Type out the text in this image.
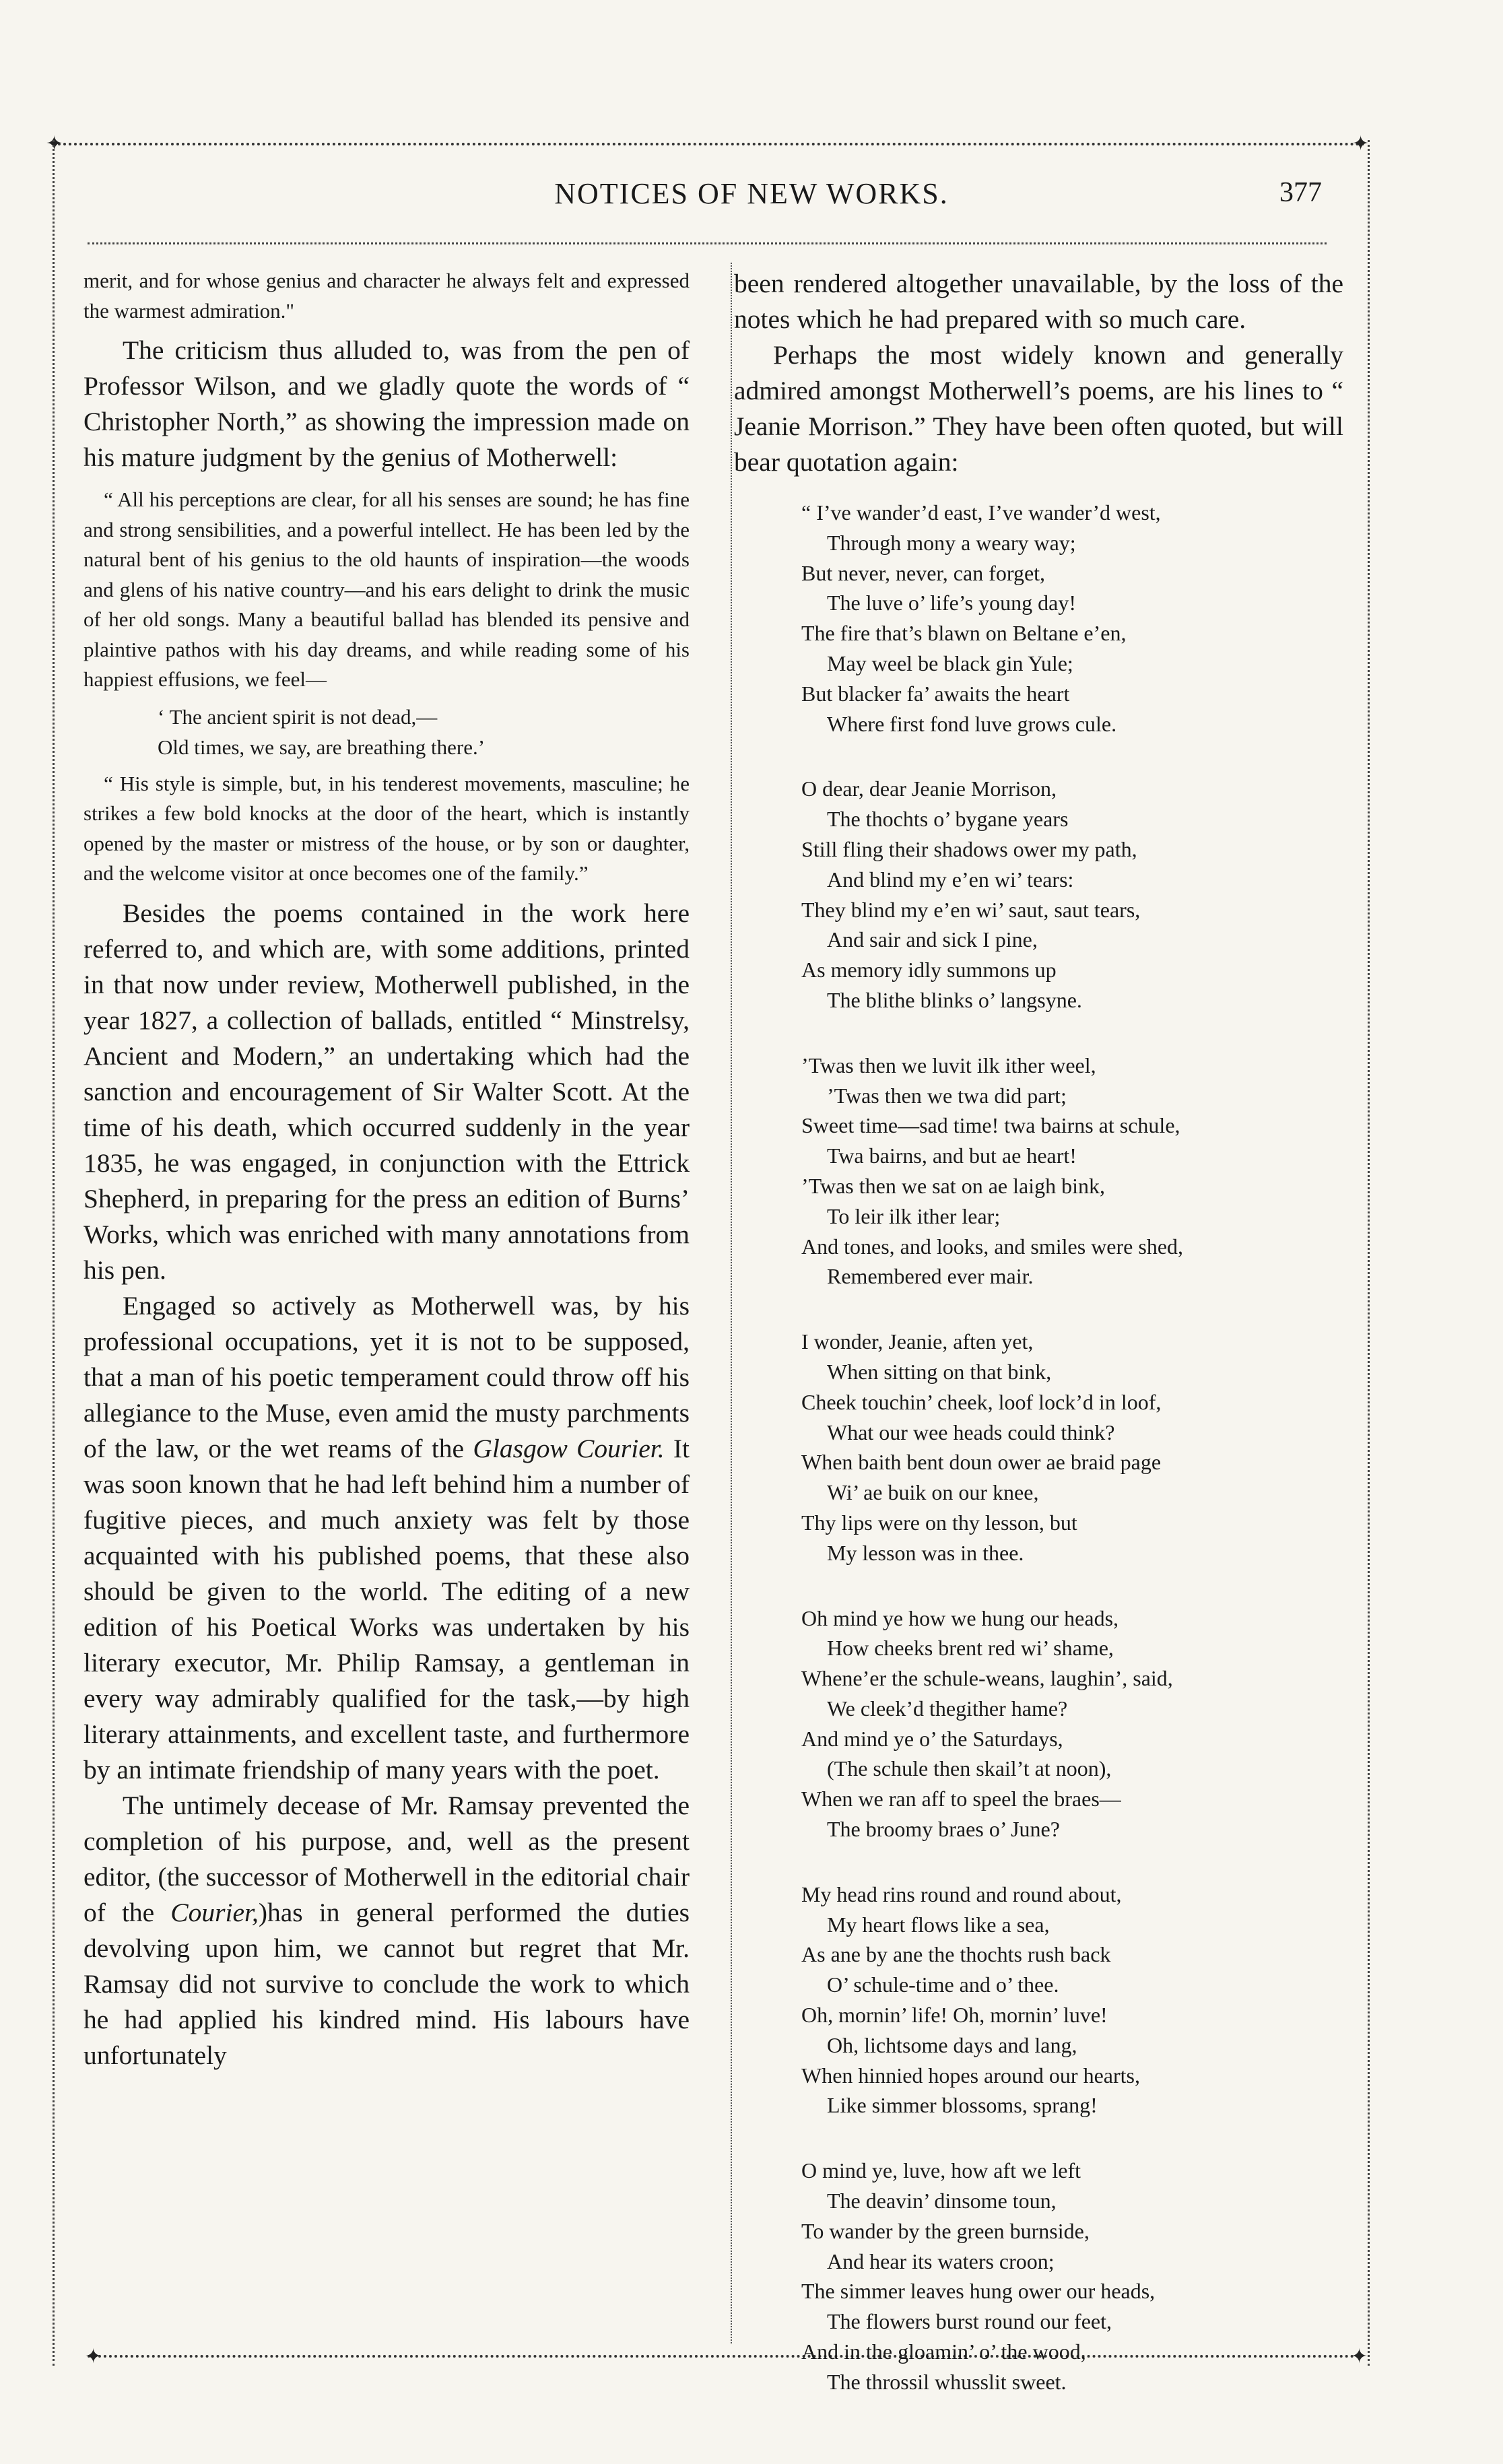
✦	✦
✦	✦
NOTICES OF NEW WORKS.	377

merit, and for whose genius and character he always felt and expressed the warmest admiration."

The criticism thus alluded to, was from the pen of Professor Wilson, and we gladly quote the words of “ Christopher North,” as showing the impression made on his mature judgment by the genius of Motherwell:

“ All his perceptions are clear, for all his senses are sound; he has fine and strong sensibilities, and a powerful intellect. He has been led by the natural bent of his genius to the old haunts of inspiration—the woods and glens of his native country—and his ears delight to drink the music of her old songs. Many a beautiful ballad has blended its pensive and plaintive pathos with his day dreams, and while reading some of his happiest effusions, we feel—

‘ The ancient spirit is not dead,—
Old times, we say, are breathing there.’

“ His style is simple, but, in his tenderest movements, masculine; he strikes a few bold knocks at the door of the heart, which is instantly opened by the master or mistress of the house, or by son or daughter, and the welcome visitor at once becomes one of the family.”

Besides the poems contained in the work here referred to, and which are, with some additions, printed in that now under review, Motherwell published, in the year 1827, a collection of ballads, entitled “ Minstrelsy, Ancient and Modern,” an undertaking which had the sanction and encouragement of Sir Walter Scott. At the time of his death, which occurred suddenly in the year 1835, he was engaged, in conjunction with the Ettrick Shepherd, in preparing for the press an edition of Burns’ Works, which was enriched with many annotations from his pen.

Engaged so actively as Motherwell was, by his professional occupations, yet it is not to be supposed, that a man of his poetic temperament could throw off his allegiance to the Muse, even amid the musty parchments of the law, or the wet reams of the Glasgow Courier. It was soon known that he had left behind him a number of fugitive pieces, and much anxiety was felt by those acquainted with his published poems, that these also should be given to the world. The editing of a new edition of his Poetical Works was undertaken by his literary executor, Mr. Philip Ramsay, a gentleman in every way admirably qualified for the task,—by high literary attainments, and excellent taste, and furthermore by an intimate friendship of many years with the poet.

The untimely decease of Mr. Ramsay prevented the completion of his purpose, and, well as the present editor, (the successor of Motherwell in the editorial chair of the Courier,)has in general performed the duties devolving upon him, we cannot but regret that Mr. Ramsay did not survive to conclude the work to which he had applied his kindred mind. His labours have unfortunately

been rendered altogether unavailable, by the loss of the notes which he had prepared with so much care.

Perhaps the most widely known and generally admired amongst Motherwell’s poems, are his lines to “ Jeanie Morrison.” They have been often quoted, but will bear quotation again:

“ I’ve wander’d east, I’ve wander’d west,
Through mony a weary way;
But never, never, can forget,
The luve o’ life’s young day!
The fire that’s blawn on Beltane e’en,
May weel be black gin Yule;
But blacker fa’ awaits the heart
Where first fond luve grows cule.
O dear, dear Jeanie Morrison,
The thochts o’ bygane years
Still fling their shadows ower my path,
And blind my e’en wi’ tears:
They blind my e’en wi’ saut, saut tears,
And sair and sick I pine,
As memory idly summons up
The blithe blinks o’ langsyne.
’Twas then we luvit ilk ither weel,
’Twas then we twa did part;
Sweet time—sad time! twa bairns at schule,
Twa bairns, and but ae heart!
’Twas then we sat on ae laigh bink,
To leir ilk ither lear;
And tones, and looks, and smiles were shed,
Remembered ever mair.
I wonder, Jeanie, aften yet,
When sitting on that bink,
Cheek touchin’ cheek, loof lock’d in loof,
What our wee heads could think?
When baith bent doun ower ae braid page
Wi’ ae buik on our knee,
Thy lips were on thy lesson, but
My lesson was in thee.
Oh mind ye how we hung our heads,
How cheeks brent red wi’ shame,
Whene’er the schule-weans, laughin’, said,
We cleek’d thegither hame?
And mind ye o’ the Saturdays,
(The schule then skail’t at noon),
When we ran aff to speel the braes—
The broomy braes o’ June?
My head rins round and round about,
My heart flows like a sea,
As ane by ane the thochts rush back
O’ schule-time and o’ thee.
Oh, mornin’ life! Oh, mornin’ luve!
Oh, lichtsome days and lang,
When hinnied hopes around our hearts,
Like simmer blossoms, sprang!
O mind ye, luve, how aft we left
The deavin’ dinsome toun,
To wander by the green burnside,
And hear its waters croon;
The simmer leaves hung ower our heads,
The flowers burst round our feet,
And in the gloamin’ o’ the wood,
The throssil whusslit sweet.
